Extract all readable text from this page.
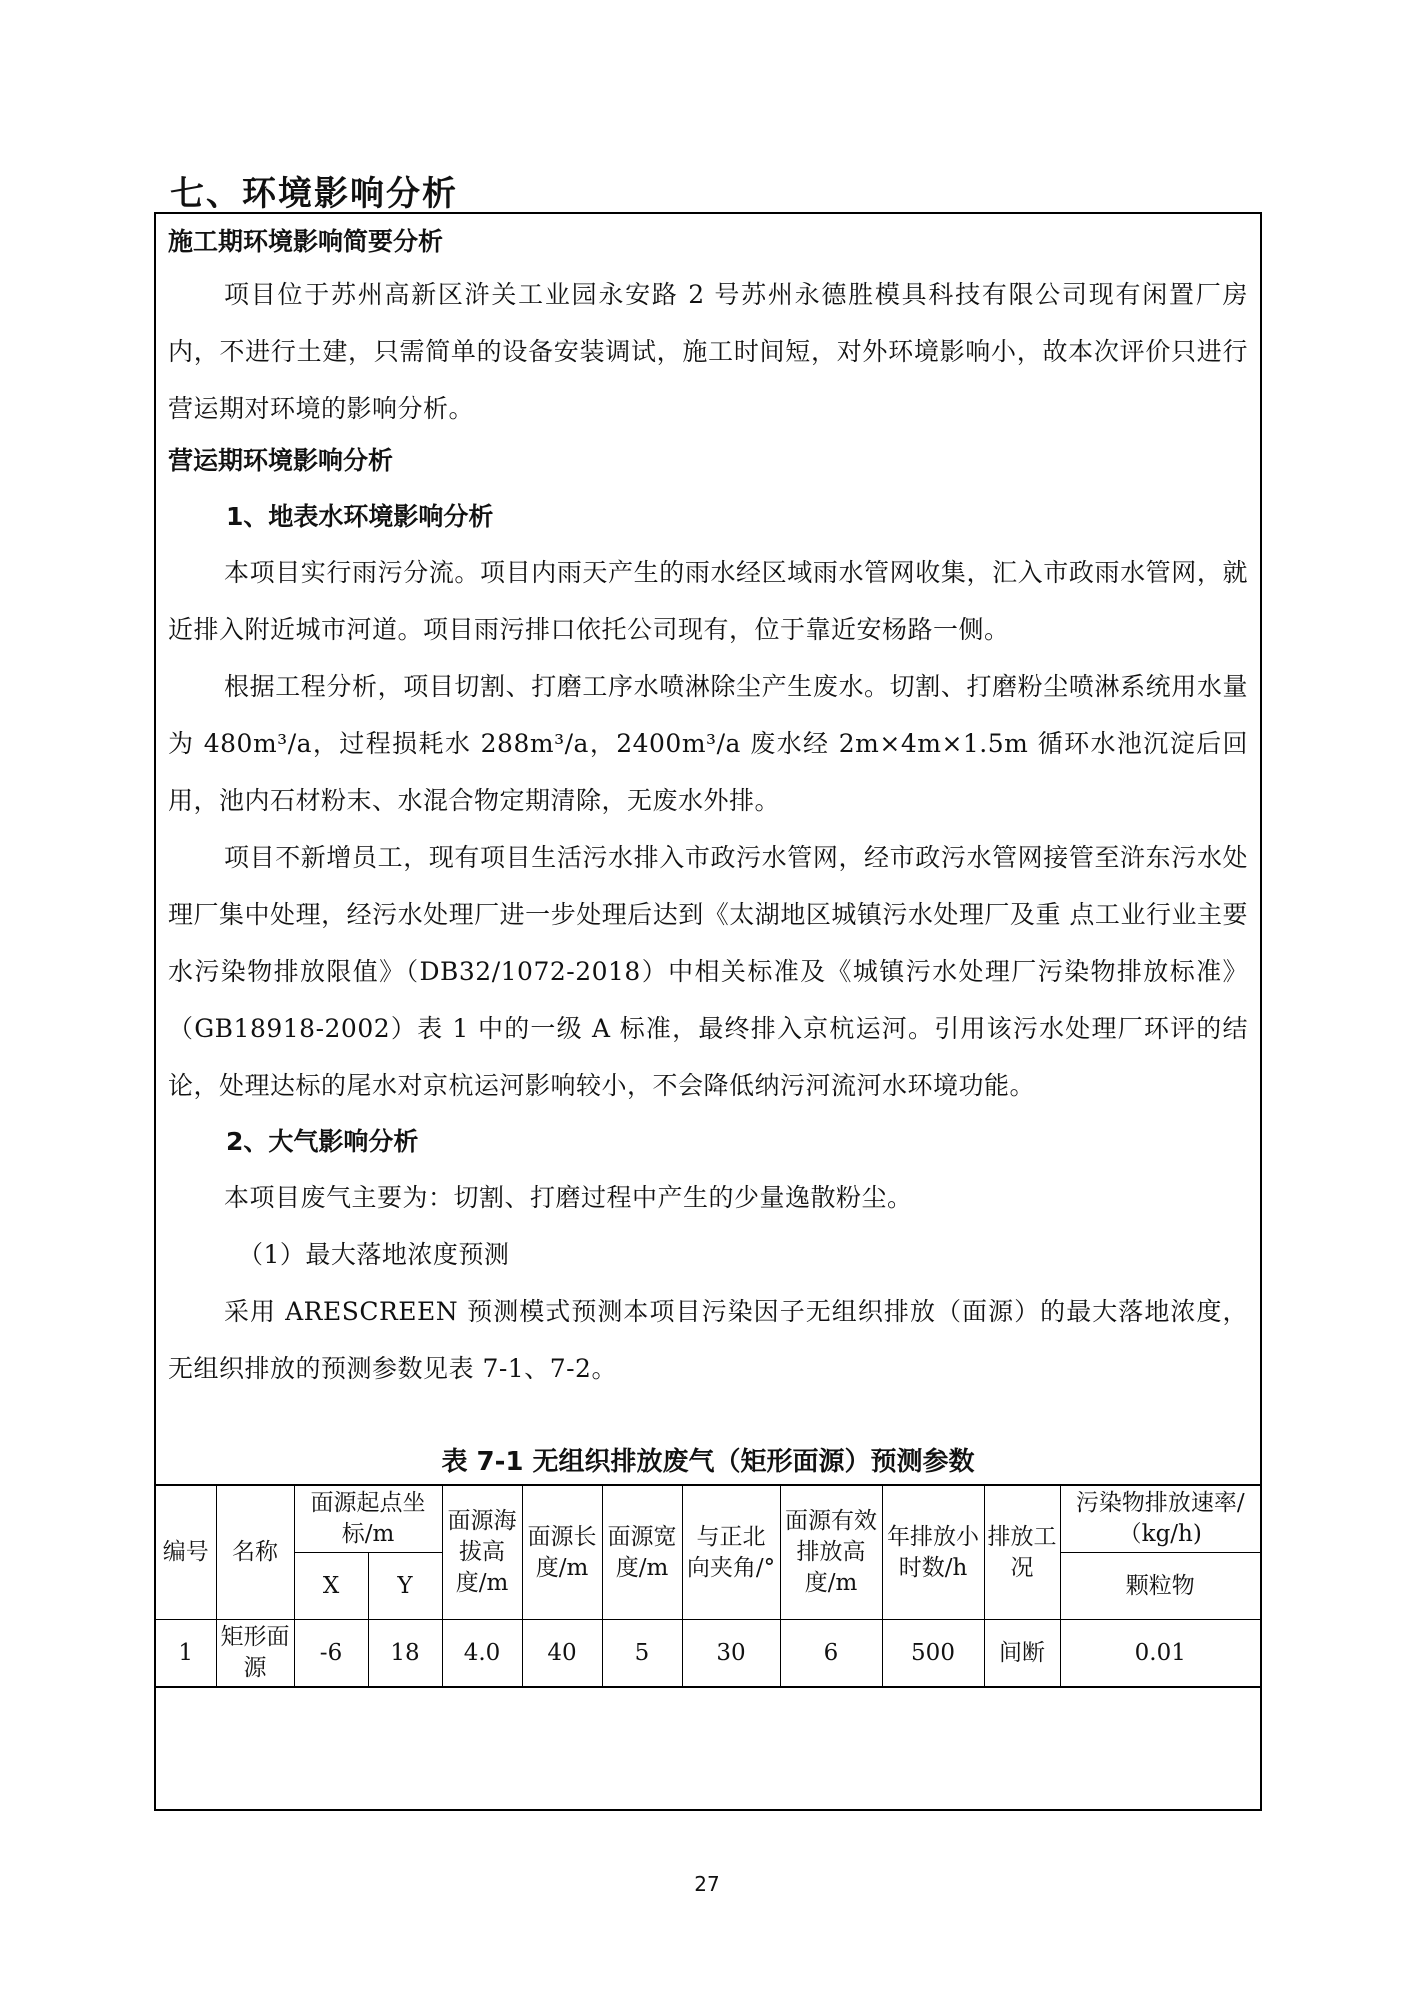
七、环境影响分析
施工期环境影响简要分析

项目位于苏州高新区浒关工业园永安路 2 号苏州永德胜模具科技有限公司现有闲置厂房内，不进行土建，只需简单的设备安装调试，施工时间短，对外环境影响小，故本次评价只进行营运期对环境的影响分析。

营运期环境影响分析
1、地表水环境影响分析

本项目实行雨污分流。项目内雨天产生的雨水经区域雨水管网收集，汇入市政雨水管网，就近排入附近城市河道。项目雨污排口依托公司现有，位于靠近安杨路一侧。

根据工程分析，项目切割、打磨工序水喷淋除尘产生废水。切割、打磨粉尘喷淋系统用水量为 480m³/a，过程损耗水 288m³/a，2400m³/a 废水经 2m×4m×1.5m 循环水池沉淀后回用，池内石材粉末、水混合物定期清除，无废水外排。

项目不新增员工，现有项目生活污水排入市政污水管网，经市政污水管网接管至浒东污水处理厂集中处理，经污水处理厂进一步处理后达到《太湖地区城镇污水处理厂及重 点工业行业主要水污染物排放限值》（DB32/1072-2018）中相关标准及《城镇污水处理厂污染物排放标准》（GB18918-2002）表 1 中的一级 A 标准，最终排入京杭运河。引用该污水处理厂环评的结论，处理达标的尾水对京杭运河影响较小，不会降低纳污河流河水环境功能。

2、大气影响分析

本项目废气主要为：切割、打磨过程中产生的少量逸散粉尘。

（1）最大落地浓度预测

采用 ARESCREEN 预测模式预测本项目污染因子无组织排放（面源）的最大落地浓度，无组织排放的预测参数见表 7-1、7-2。

表 7-1 无组织排放废气（矩形面源）预测参数

编号	名称	面源起点坐标/m		面源海拔高度/m	面源长度/m	面源宽度/m	与正北向夹角/°	面源有效排放高度/m	年排放小时数/h	排放工况	污染物排放速率/（kg/h)
		X	Y								颗粒物
1	矩形面源	-6	18	4.0	40	5	30	6	500	间断	0.01

27
